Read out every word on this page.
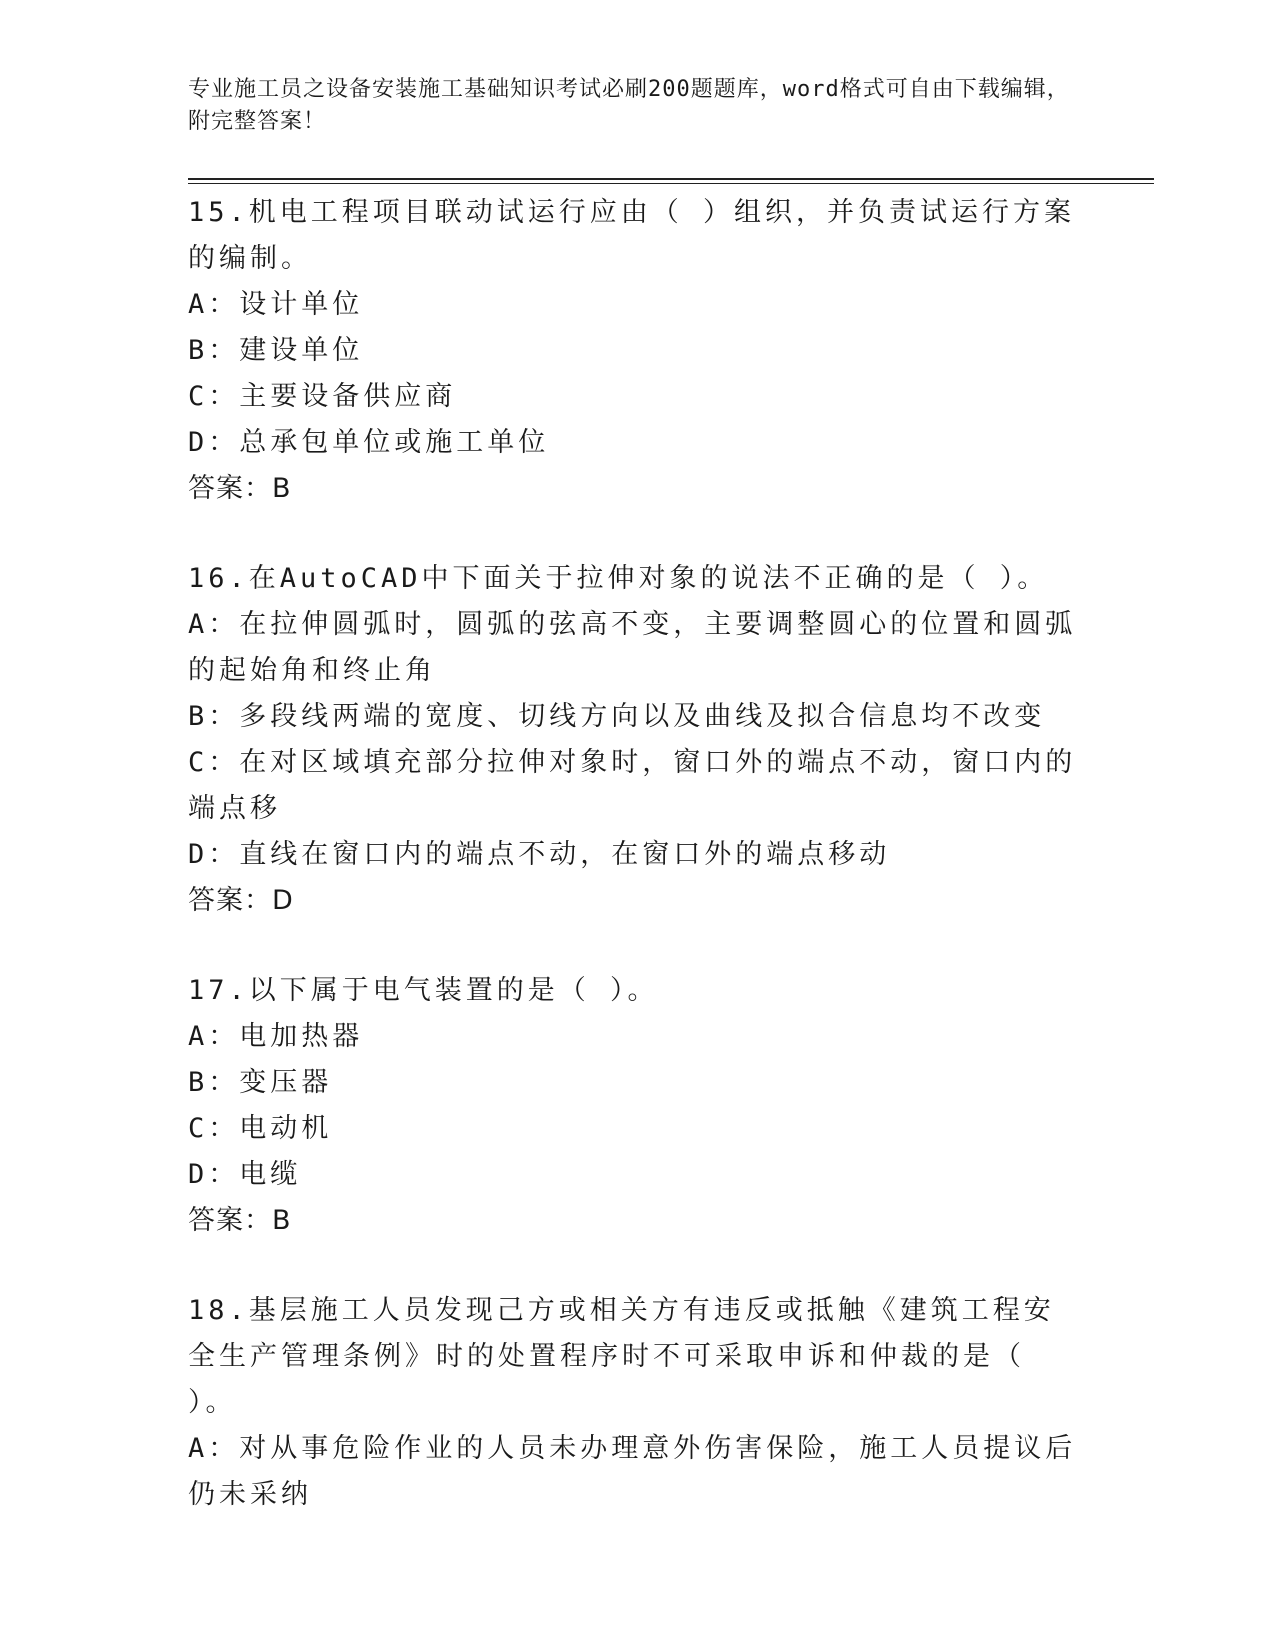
专业施工员之设备安装施工基础知识考试必刷200题题库，word格式可自由下载编辑，附完整答案！

15.机电工程项目联动试运行应由（ ）组织，并负责试运行方案的编制。

A：设计单位

B：建设单位

C：主要设备供应商

D：总承包单位或施工单位

答案：B

16.在AutoCAD中下面关于拉伸对象的说法不正确的是（ ）。

A：在拉伸圆弧时，圆弧的弦高不变，主要调整圆心的位置和圆弧的起始角和终止角

B：多段线两端的宽度、切线方向以及曲线及拟合信息均不改变

C：在对区域填充部分拉伸对象时，窗口外的端点不动，窗口内的端点移

D：直线在窗口内的端点不动，在窗口外的端点移动

答案：D

17.以下属于电气装置的是（ ）。

A：电加热器

B：变压器

C：电动机

D：电缆

答案：B

18.基层施工人员发现己方或相关方有违反或抵触《建筑工程安全生产管理条例》时的处置程序时不可采取申诉和仲裁的是（ ）。

A：对从事危险作业的人员未办理意外伤害保险，施工人员提议后仍未采纳
